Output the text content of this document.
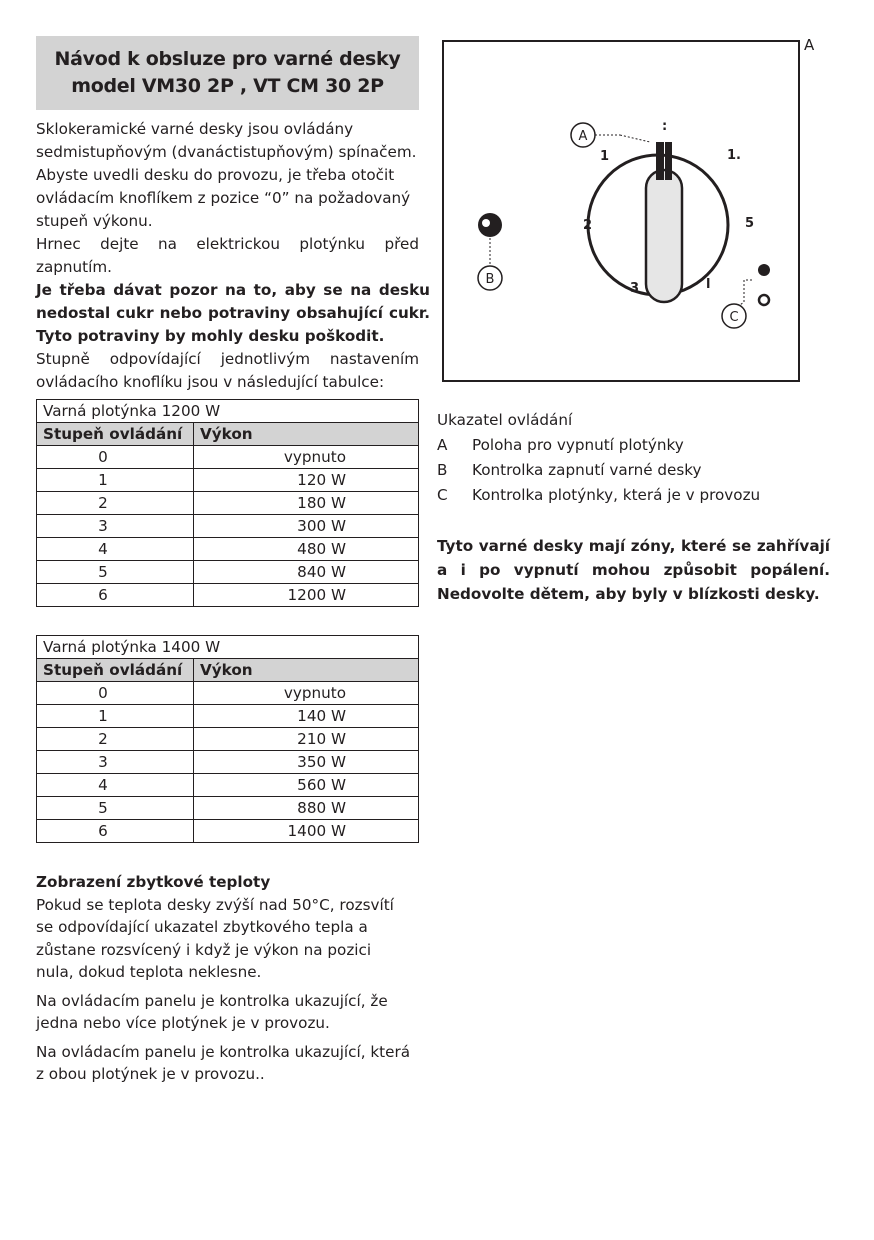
Návod k obsluze pro varné desky
model VM30 2P , VT CM 30 2P

Sklokeramické varné desky jsou ovládány

sedmistupňovým (dvanáctistupňovým) spínačem.

Abyste uvedli desku do provozu, je třeba otočit

ovládacím knoflíkem z pozice “0” na požadovaný

stupeň výkonu.

Hrnec dejte na elektrickou plotýnku před

zapnutím.

Je třeba dávat pozor na to, aby se na desku

nedostal cukr nebo potraviny obsahující cukr.

Tyto potraviny by mohly desku poškodit.

Stupně odpovídající jednotlivým nastavením

ovládacího knoflíku jsou v následující tabulce:

Varná plotýnka 1200 W	
Stupeň ovládání	Výkon
0	vypnuto
1	120 W
2	180 W
3	300 W
4	480 W
5	840 W
6	1200 W
Varná plotýnka 1400 W	
Stupeň ovládání	Výkon
0	vypnuto
1	140 W
2	210 W
3	350 W
4	560 W
5	880 W
6	1400 W

Zobrazení zbytkové teploty

Pokud se teplota desky zvýší nad 50°C, rozsvítí

se odpovídající ukazatel zbytkového tepla a

zůstane rozsvícený i když je výkon na pozici

nula, dokud teplota neklesne.

Na ovládacím panelu je kontrolka ukazující, že

jedna nebo více plotýnek je v provozu.

Na ovládacím panelu je kontrolka ukazující, která

z obou plotýnek je v provozu..

A
:
1	1.
2	5
3	l
A
B
C
Ukazatel ovládání
A	Poloha pro vypnutí plotýnky
B	Kontrolka zapnutí varné desky
C	Kontrolka plotýnky, která je v provozu
Tyto varné desky mají zóny, které se zahřívají
a i po vypnutí mohou způsobit popálení.
Nedovolte dětem, aby byly v blízkosti desky.
